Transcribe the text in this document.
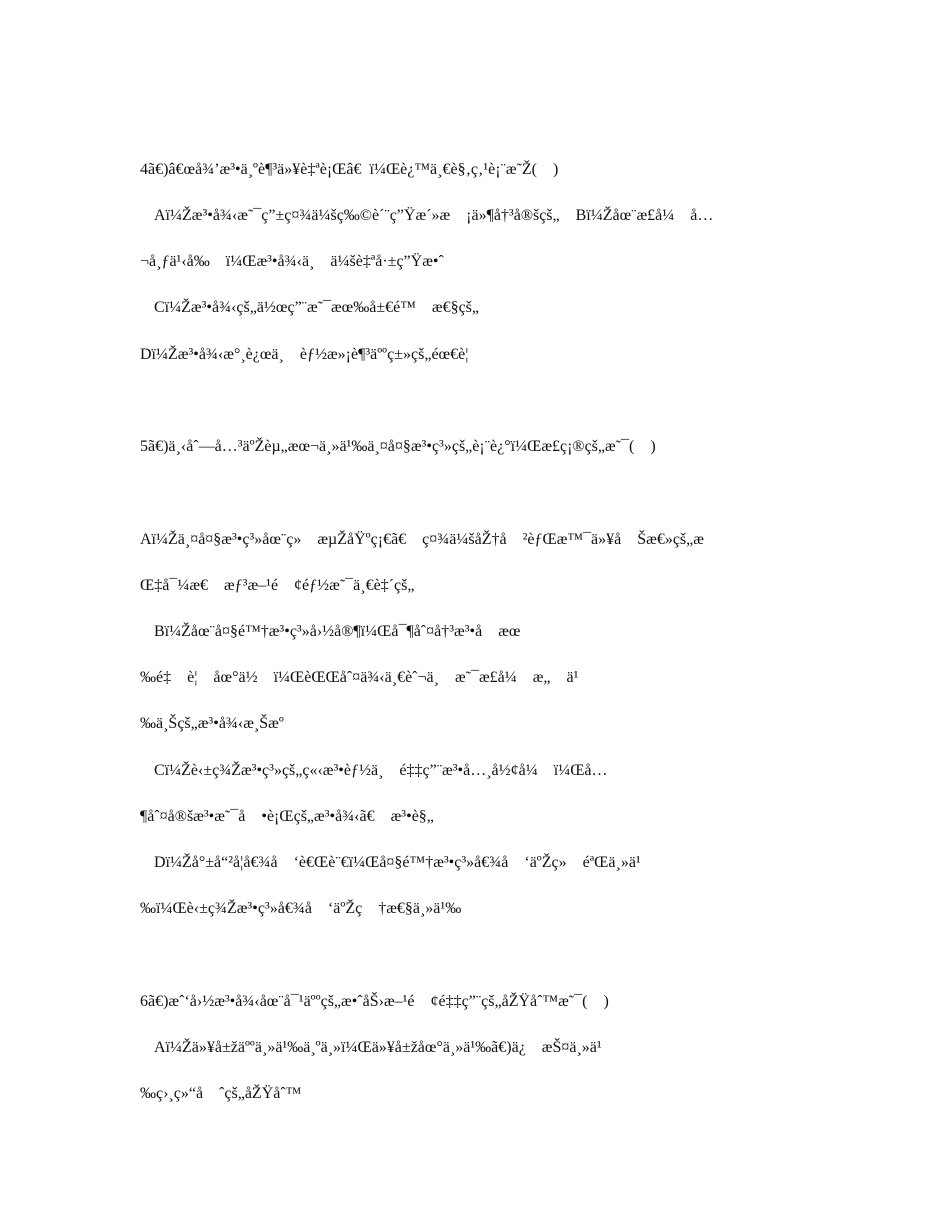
4ã€)â€œå¾’æ³•ä¸ºè¶³ä»¥è‡ªè¡Œâ€  ï¼Œè¿™ä¸€è§‚ç‚¹è¡¨æ˜Ž(    )
Aï¼Žæ³•å¾‹æ˜¯ç”±ç¤¾ä¼šç‰©è´¨ç”Ÿæ´»æ    ¡ä»¶å†³å®šçš„    Bï¼Žåœ¨æ£å¼    å…
¬å¸ƒä¹‹å‰    ï¼Œæ³•å¾‹ä¸    ä¼šè‡ªå·±ç”Ÿæ•ˆ
Cï¼Žæ³•å¾‹çš„ä½œç”¨æ˜¯æœ‰å±€é™    æ€§çš„
Dï¼Žæ³•å¾‹æ°¸è¿œä¸    èƒ½æ»¡è¶³äººç±»çš„éœ€è¦
5ã€)ä¸‹åˆ—å…³äºŽèµ„æœ¬ä¸»ä¹‰ä¸¤å¤§æ³•ç³»çš„è¡¨è¿°ï¼Œæ£ç¡®çš„æ˜¯(    )
Aï¼Žä¸¤å¤§æ³•ç³»åœ¨ç»    æµŽåŸºç¡€ã€    ç¤¾ä¼šåŽ†å    ²èƒŒæ™¯ä»¥å    Šæ€»çš„æ
Œ‡å¯¼æ€    æƒ³æ–¹é    ¢éƒ½æ˜¯ä¸€è‡´çš„
Bï¼Žåœ¨å¤§é™†æ³•ç³»å›½å®¶ï¼Œå¯¶åˆ¤å†³æ³•å    æœ
‰é‡    è¦    åœ°ä½    ï¼ŒèŒŒåˆ¤ä¾‹ä¸€èˆ¬ä¸    æ˜¯æ£å¼    æ„    ä¹
‰ä¸Šçš„æ³•å¾‹æ¸Šæº
Cï¼Žè‹±ç¾Žæ³•ç³»çš„ç«‹æ³•èƒ½ä¸    é‡‡ç”¨æ³•å…¸å½¢å¼    ï¼Œå…
¶åˆ¤å®šæ³•æ˜¯å    •è¡Œçš„æ³•å¾‹ã€    æ³•è§„
Dï¼Žå°±å“²å¦å€¾å    ‘è€Œè¨€ï¼Œå¤§é™†æ³•ç³»å€¾å    ‘äºŽç»    éªŒä¸»ä¹
‰ï¼Œè‹±ç¾Žæ³•ç³»å€¾å    ‘äºŽç    †æ€§ä¸»ä¹‰
6ã€)æˆ‘å›½æ³•å¾‹åœ¨å¯¹äººçš„æ•ˆåŠ›æ–¹é    ¢é‡‡ç”¨çš„åŽŸåˆ™æ˜¯(    )
Aï¼Žä»¥å±žäººä¸»ä¹‰ä¸ºä¸»ï¼Œä»¥å±žåœ°ä¸»ä¹‰ã€)ä¿    æŠ¤ä¸»ä¹
‰ç›¸ç»“å    ˆçš„åŽŸåˆ™
